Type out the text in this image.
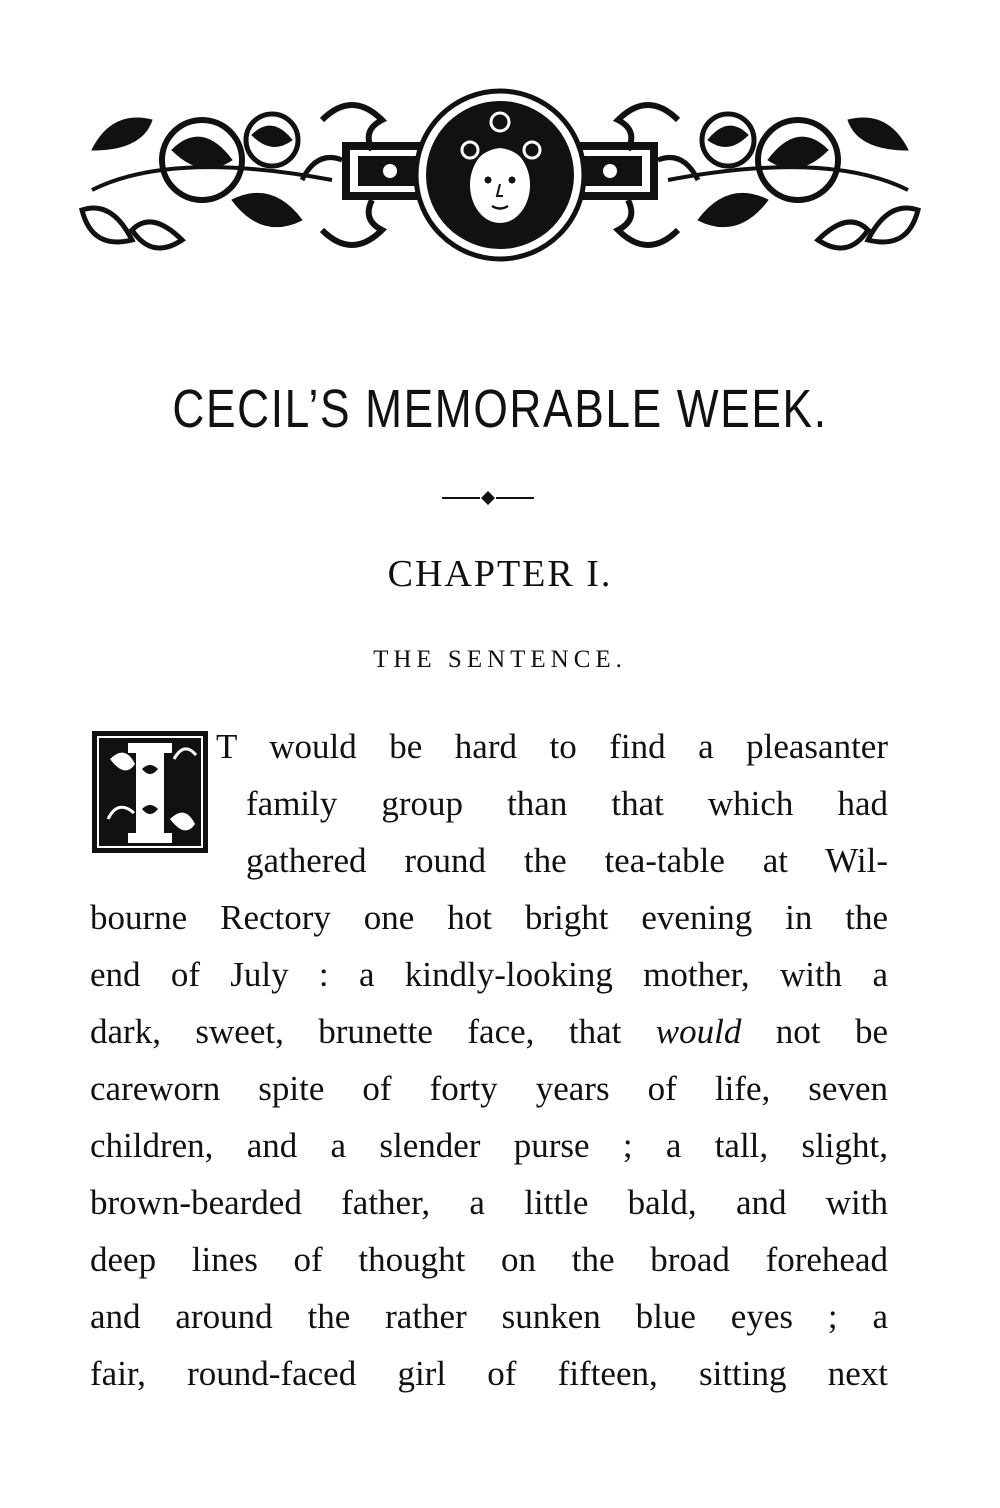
CECIL’S MEMORABLE WEEK.
CHAPTER I.
THE SENTENCE.
I
T would be hard to find a pleasanter
family group than that which had
gathered round the tea-table at Wil-
bourne Rectory one hot bright evening in the
end of July : a kindly-looking mother, with a
dark, sweet, brunette face, that would not be
careworn spite of forty years of life, seven
children, and a slender purse ; a tall, slight,
brown-bearded father, a little bald, and with
deep lines of thought on the broad forehead
and around the rather sunken blue eyes ; a
fair, round-faced girl of fifteen, sitting next
